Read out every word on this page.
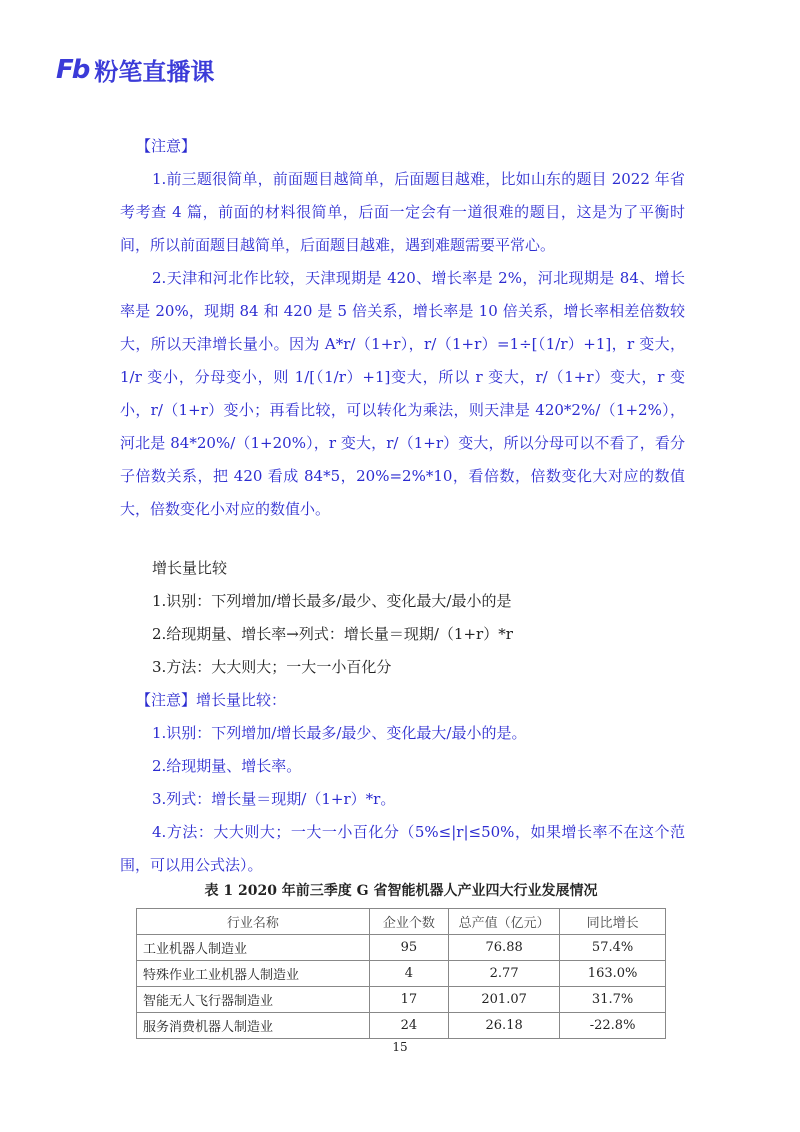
Fb 粉笔直播课

【注意】

1.前三题很简单，前面题目越简单，后面题目越难，比如山东的题目 2022 年省考考查 4 篇，前面的材料很简单，后面一定会有一道很难的题目，这是为了平衡时间，所以前面题目越简单，后面题目越难，遇到难题需要平常心。

2.天津和河北作比较，天津现期是 420、增长率是 2%，河北现期是 84、增长率是 20%，现期 84 和 420 是 5 倍关系，增长率是 10 倍关系，增长率相差倍数较大，所以天津增长量小。因为 A*r/（1+r），r/（1+r）=1÷[（1/r）+1]，r 变大，1/r 变小，分母变小，则 1/[（1/r）+1]变大，所以 r 变大，r/（1+r）变大，r 变小，r/（1+r）变小；再看比较，可以转化为乘法，则天津是 420*2%/（1+2%），河北是 84*20%/（1+20%），r 变大，r/（1+r）变大，所以分母可以不看了，看分子倍数关系，把 420 看成 84*5，20%=2%*10，看倍数，倍数变化大对应的数值大，倍数变化小对应的数值小。

增长量比较

1.识别：下列增加/增长最多/最少、变化最大/最小的是

2.给现期量、增长率→列式：增长量＝现期/（1+r）*r

3.方法：大大则大；一大一小百化分

【注意】增长量比较：

1.识别：下列增加/增长最多/最少、变化最大/最小的是。

2.给现期量、增长率。

3.列式：增长量＝现期/（1+r）*r。

4.方法：大大则大；一大一小百化分（5%≤|r|≤50%，如果增长率不在这个范围，可以用公式法）。

表 1 2020 年前三季度 G 省智能机器人产业四大行业发展情况
行业名称	企业个数	总产值（亿元）	同比增长
工业机器人制造业	95	76.88	57.4%
特殊作业工业机器人制造业	4	2.77	163.0%
智能无人飞行器制造业	17	201.07	31.7%
服务消费机器人制造业	24	26.18	-22.8%
15
